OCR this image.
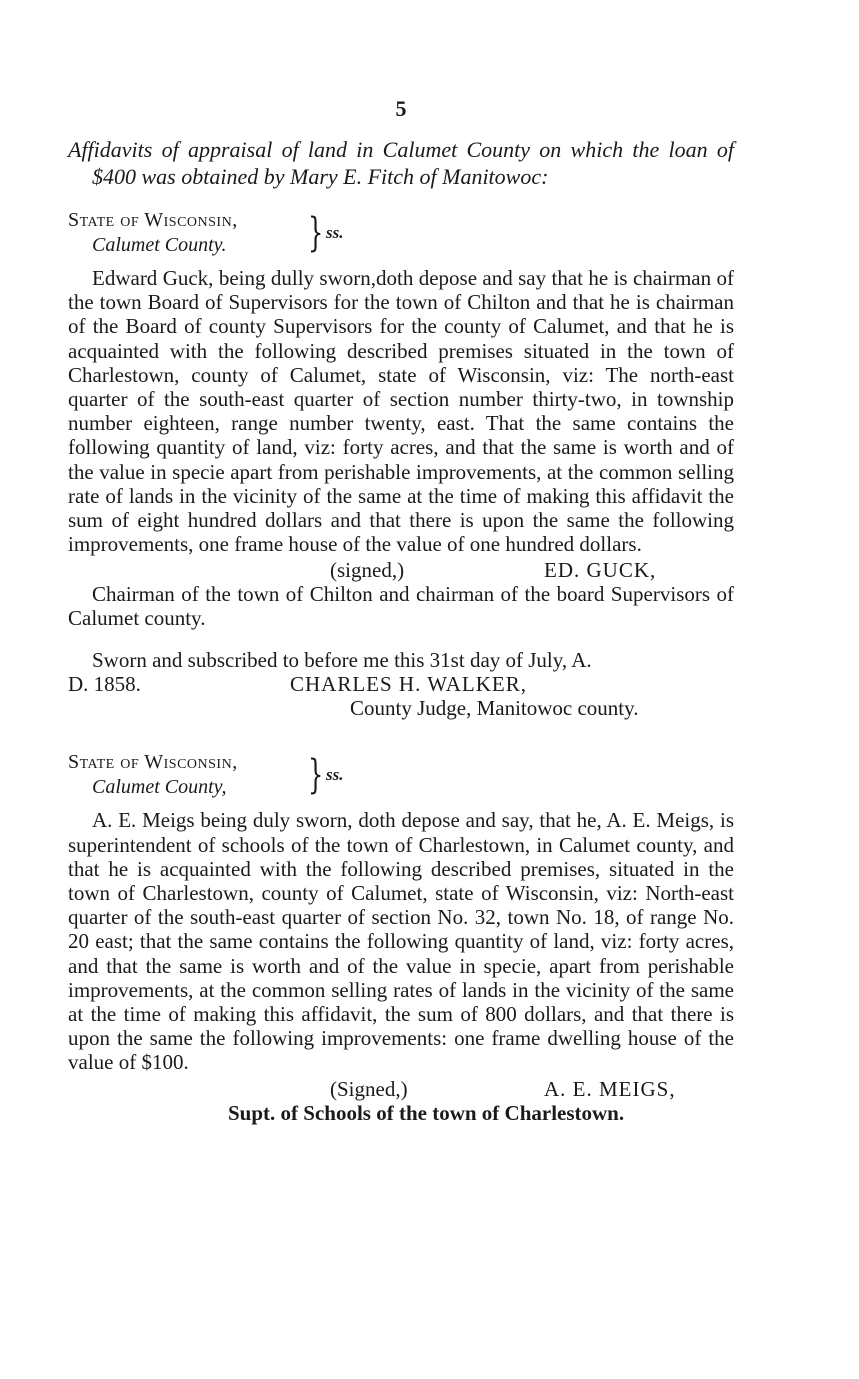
5

Affidavits of appraisal of land in Calumet County on which the loan of $400 was obtained by Mary E. Fitch of Manitowoc:

State of Wisconsin,
Calumet County.	} ss.

Edward Guck, being dully sworn,doth depose and say that he is chairman of the town Board of Supervisors for the town of Chilton and that he is chairman of the Board of county Supervisors for the county of Calumet, and that he is acquainted with the following described premises situated in the town of Charlestown, county of Calumet, state of Wisconsin, viz: The north-east quarter of the south-east quarter of section number thirty-two, in township number eighteen, range number twenty, east. That the same contains the following quantity of land, viz: forty acres, and that the same is worth and of the value in specie apart from perishable improvements, at the common selling rate of lands in the vicinity of the same at the time of making this affidavit the sum of eight hundred dollars and that there is upon the same the following improvements, one frame house of the value of one hundred dollars.

(signed,)	ED. GUCK,

Chairman of the town of Chilton and chairman of the board Supervisors of Calumet county.

Sworn and subscribed to before me this 31st day of July, A.

D. 1858.	CHARLES H. WALKER,

County Judge, Manitowoc county.

State of Wisconsin,
Calumet County,	} ss.

A. E. Meigs being duly sworn, doth depose and say, that he, A. E. Meigs, is superintendent of schools of the town of Charlestown, in Calumet county, and that he is acquainted with the following described premises, situated in the town of Charlestown, county of Calumet, state of Wisconsin, viz: North-east quarter of the south-east quarter of section No. 32, town No. 18, of range No. 20 east; that the same contains the following quantity of land, viz: forty acres, and that the same is worth and of the value in specie, apart from perishable improvements, at the common selling rates of lands in the vicinity of the same at the time of making this affidavit, the sum of 800 dollars, and that there is upon the same the following improvements: one frame dwelling house of the value of $100.

(Signed,)	A. E. MEIGS,

Supt. of Schools of the town of Charlestown.
